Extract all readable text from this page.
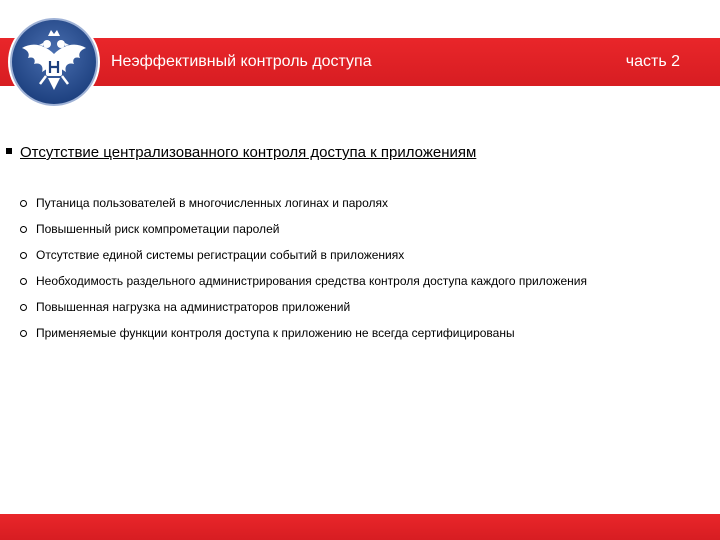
Неэффективный контроль доступа	часть 2
Отсутствие централизованного контроля доступа к приложениям
Путаница пользователей в многочисленных логинах и паролях
Повышенный риск компрометации паролей
Отсутствие единой системы регистрации событий в приложениях
Необходимость раздельного администрирования средства контроля доступа каждого приложения
Повышенная нагрузка на администраторов приложений
Применяемые функции контроля доступа к приложению не всегда сертифицированы
